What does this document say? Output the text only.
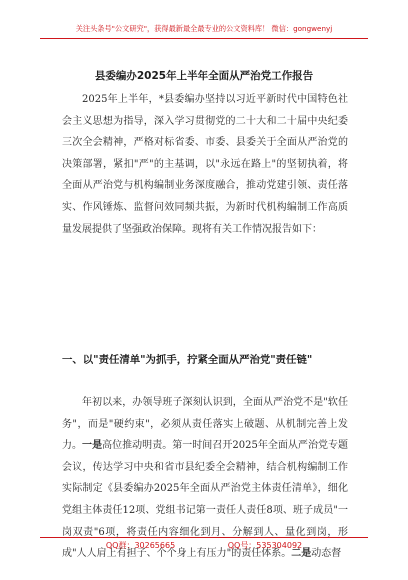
关注头条号"公文研究"，获得最新最全最专业的公文资料库！ 微信：gongwenyj
县委编办2025年上半年全面从严治党工作报告

2025年上半年，*县委编办坚持以习近平新时代中国特色社会主义思想为指导，深入学习贯彻党的二十大和二十届中央纪委三次全会精神，严格对标省委、市委、县委关于全面从严治党的决策部署，紧扣"严"的主基调，以"永远在路上"的坚韧执着，将全面从严治党与机构编制业务深度融合，推动党建引领、责任落实、作风锤炼、监督问效同频共振，为新时代机构编制工作高质量发展提供了坚强政治保障。现将有关工作情况报告如下：

一、以"责任清单"为抓手，拧紧全面从严治党"责任链"

年初以来，办领导班子深刻认识到，全面从严治党不是"软任务"，而是"硬约束"，必须从责任落实上破题、从机制完善上发力。一是高位推动明责。第一时间召开2025年全面从严治党专题会议，传达学习中央和省市县纪委全会精神，结合机构编制工作实际制定《县委编办2025年全面从严治党主体责任清单》，细化党组主体责任12项、党组书记第一责任人责任8项、班子成员"一岗双责"6项，将责任内容细化到月、分解到人、量化到岗，形成"人人肩上有担子、个个身上有压力"的责任体系。二是动态督

QQ群：30265665	QQ号：535304092
